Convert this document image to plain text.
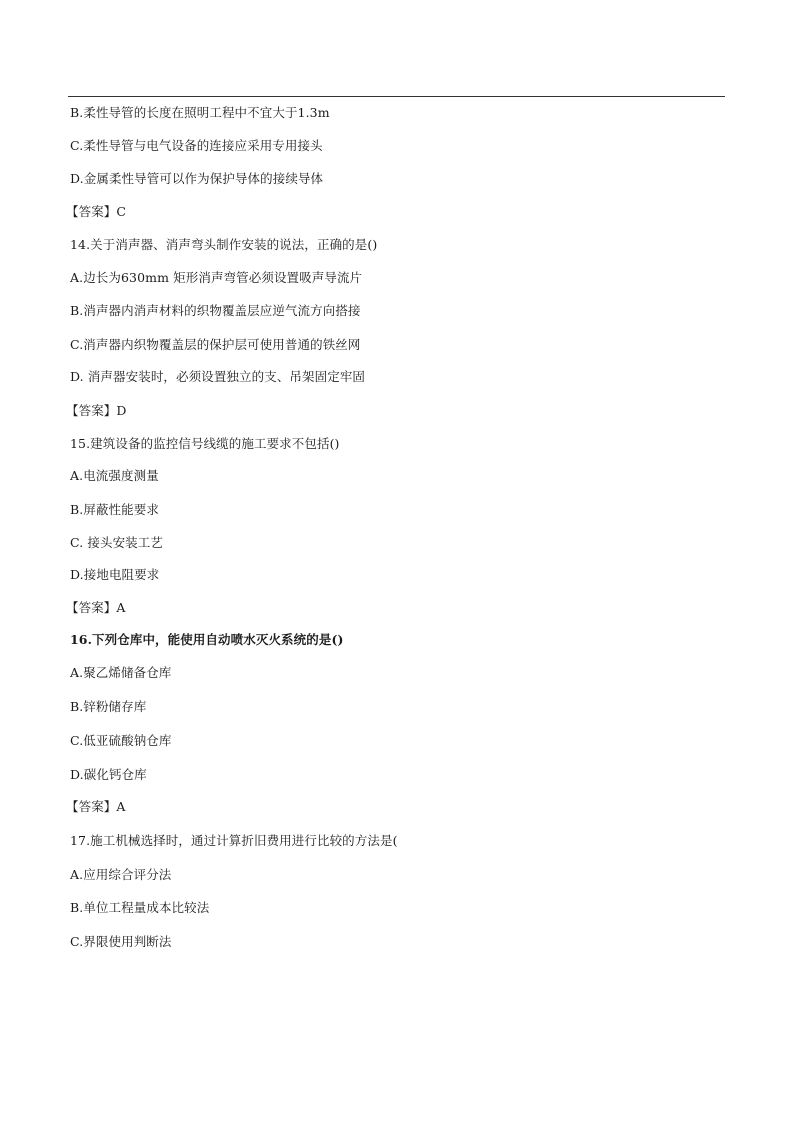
B.柔性导管的长度在照明工程中不宜大于1.3m
C.柔性导管与电气设备的连接应采用专用接头
D.金属柔性导管可以作为保护导体的接续导体
【答案】C
14.关于消声器、消声弯头制作安装的说法，正确的是()
A.边长为630mm 矩形消声弯管必须设置吸声导流片
B.消声器内消声材料的织物覆盖层应逆气流方向搭接
C.消声器内织物覆盖层的保护层可使用普通的铁丝网
D. 消声器安装时，必须设置独立的支、吊架固定牢固
【答案】D
15.建筑设备的监控信号线缆的施工要求不包括()
A.电流强度测量
B.屏蔽性能要求
C. 接头安装工艺
D.接地电阻要求
【答案】A
16.下列仓库中，能使用自动喷水灭火系统的是()
A.聚乙烯储备仓库
B.锌粉储存库
C.低亚硫酸钠仓库
D.碳化钙仓库
【答案】A
17.施工机械选择时，通过计算折旧费用进行比较的方法是(
A.应用综合评分法
B.单位工程量成本比较法
C.界限使用判断法
